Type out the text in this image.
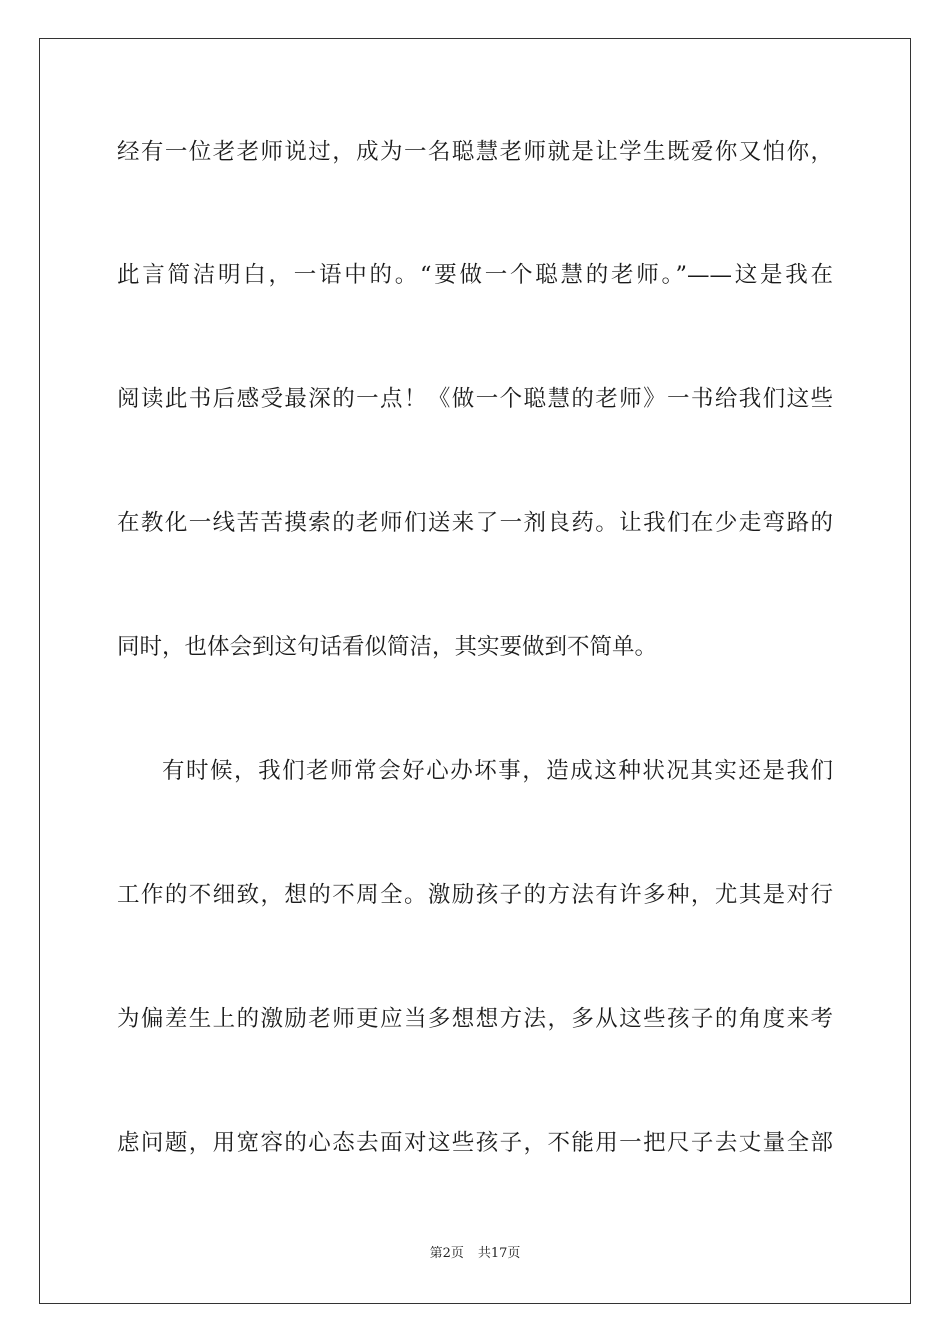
经有一位老老师说过，成为一名聪慧老师就是让学生既爱你又怕你，
此言简洁明白，一语中的。“要做一个聪慧的老师。”——这是我在
阅读此书后感受最深的一点！《做一个聪慧的老师》一书给我们这些
在教化一线苦苦摸索的老师们送来了一剂良药。让我们在少走弯路的
同时，也体会到这句话看似简洁，其实要做到不简单。
有时候，我们老师常会好心办坏事，造成这种状况其实还是我们
工作的不细致，想的不周全。激励孩子的方法有许多种，尤其是对行
为偏差生上的激励老师更应当多想想方法，多从这些孩子的角度来考
虑问题，用宽容的心态去面对这些孩子，不能用一把尺子去丈量全部
第2页 共17页
